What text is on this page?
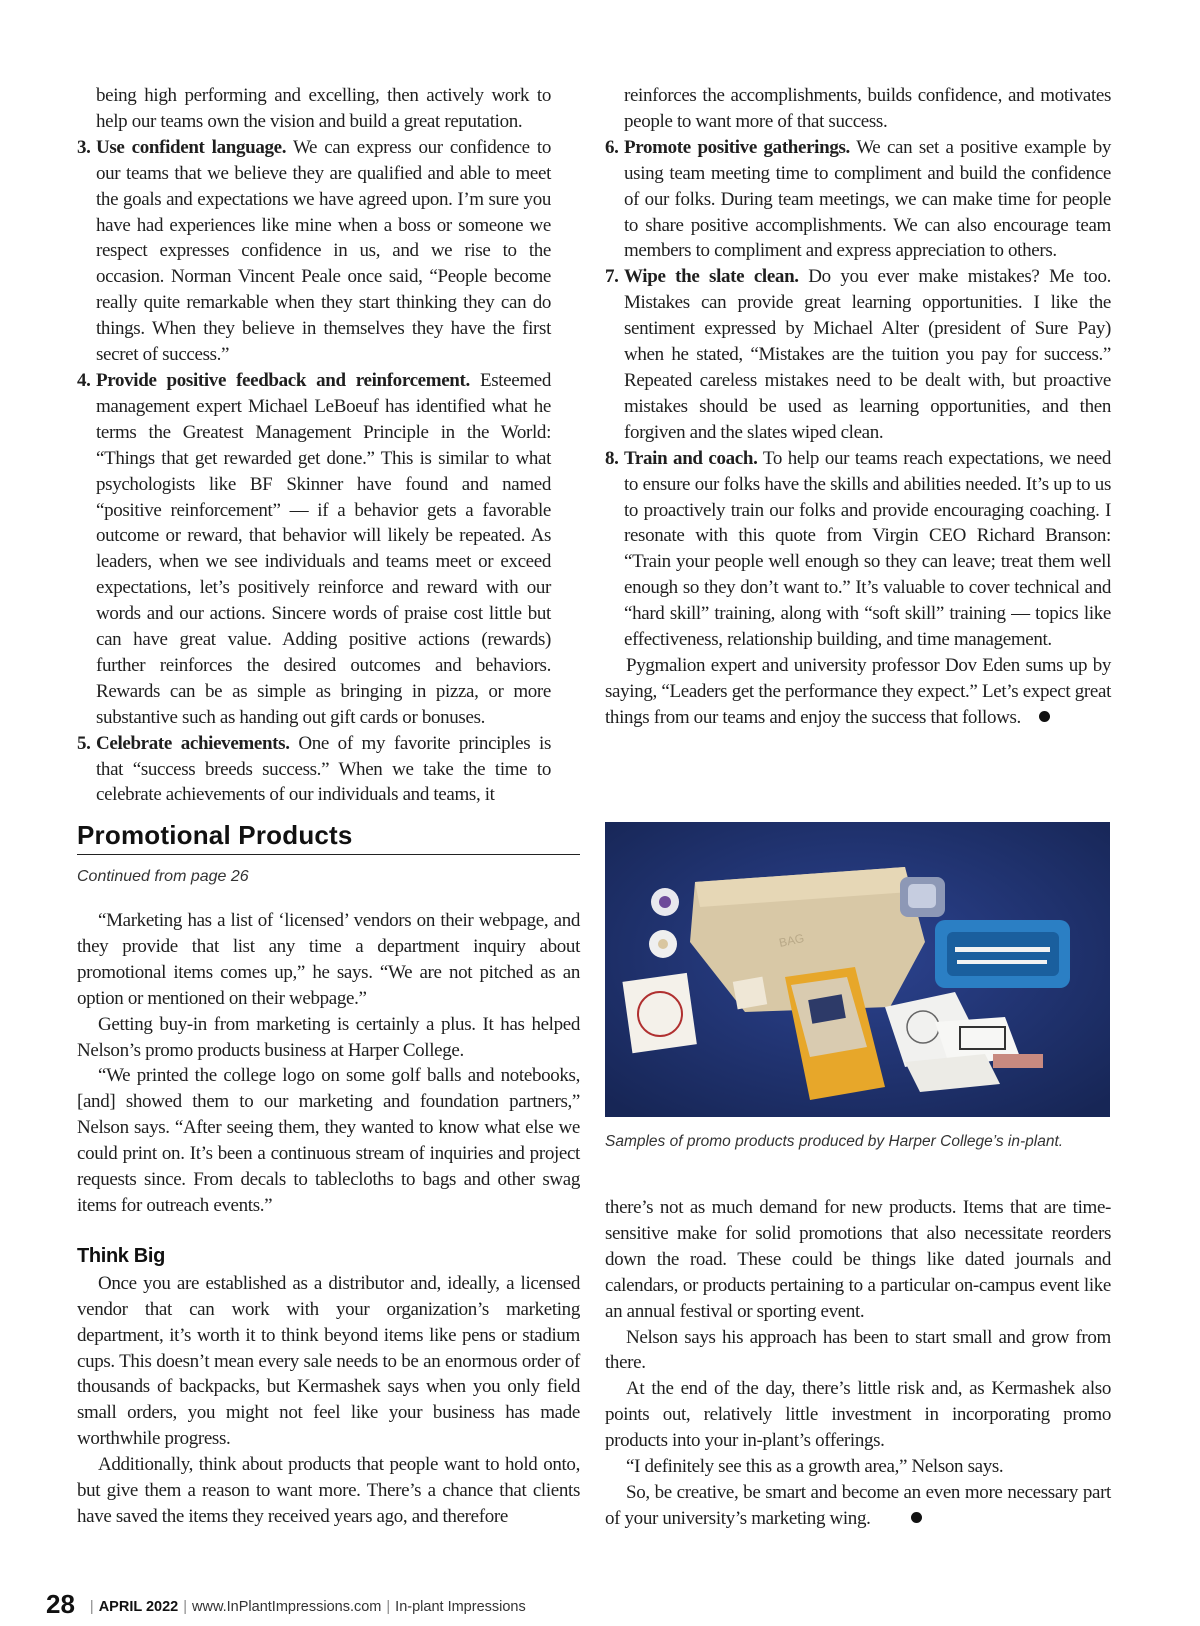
being high performing and excelling, then actively work to help our teams own the vision and build a great reputation.

3. Use confident language. We can express our confidence to our teams that we believe they are qualified and able to meet the goals and expectations we have agreed upon. I’m sure you have had experiences like mine when a boss or someone we respect expresses confidence in us, and we rise to the occasion. Norman Vincent Peale once said, “People become really quite remarkable when they start thinking they can do things. When they believe in themselves they have the first secret of success.”

4. Provide positive feedback and reinforcement. Esteemed management expert Michael LeBoeuf has identified what he terms the Greatest Management Principle in the World: “Things that get rewarded get done.” This is similar to what psychologists like BF Skinner have found and named “positive reinforcement” — if a behavior gets a favorable outcome or reward, that behavior will likely be repeated. As leaders, when we see individuals and teams meet or exceed expectations, let’s positively reinforce and reward with our words and our actions. Sincere words of praise cost little but can have great value. Adding positive actions (rewards) further reinforces the desired outcomes and behaviors. Rewards can be as simple as bringing in pizza, or more substantive such as handing out gift cards or bonuses.

5. Celebrate achievements. One of my favorite principles is that “success breeds success.” When we take the time to celebrate achievements of our individuals and teams, it

reinforces the accomplishments, builds confidence, and motivates people to want more of that success.

6. Promote positive gatherings. We can set a positive example by using team meeting time to compliment and build the confidence of our folks. During team meetings, we can make time for people to share positive accomplishments. We can also encourage team members to compliment and express appreciation to others.

7. Wipe the slate clean. Do you ever make mistakes? Me too. Mistakes can provide great learning opportunities. I like the sentiment expressed by Michael Alter (president of Sure Pay) when he stated, “Mistakes are the tuition you pay for success.” Repeated careless mistakes need to be dealt with, but proactive mistakes should be used as learning opportunities, and then forgiven and the slates wiped clean.

8. Train and coach. To help our teams reach expectations, we need to ensure our folks have the skills and abilities needed. It’s up to us to proactively train our folks and provide encouraging coaching. I resonate with this quote from Virgin CEO Richard Branson: “Train your people well enough so they can leave; treat them well enough so they don’t want to.” It’s valuable to cover technical and “hard skill” training, along with “soft skill” training — topics like effectiveness, relationship building, and time management.

Pygmalion expert and university professor Dov Eden sums up by saying, “Leaders get the performance they expect.” Let’s expect great things from our teams and enjoy the success that follows.

Promotional Products
Continued from page 26

“Marketing has a list of ‘licensed’ vendors on their webpage, and they provide that list any time a department inquiry about promotional items comes up,” he says. “We are not pitched as an option or mentioned on their webpage.”

Getting buy-in from marketing is certainly a plus. It has helped Nelson’s promo products business at Harper College.

“We printed the college logo on some golf balls and notebooks, [and] showed them to our marketing and foundation partners,” Nelson says. “After seeing them, they wanted to know what else we could print on. It’s been a continuous stream of inquiries and project requests since. From decals to tablecloths to bags and other swag items for outreach events.”

Think Big

Once you are established as a distributor and, ideally, a licensed vendor that can work with your organization’s marketing department, it’s worth it to think beyond items like pens or stadium cups. This doesn’t mean every sale needs to be an enormous order of thousands of backpacks, but Kermashek says when you only field small orders, you might not feel like your business has made worthwhile progress.

Additionally, think about products that people want to hold onto, but give them a reason to want more. There’s a chance that clients have saved the items they received years ago, and therefore

BAG
Samples of promo products produced by Harper College’s in-plant.

there’s not as much demand for new products. Items that are time-sensitive make for solid promotions that also necessitate reorders down the road. These could be things like dated journals and calendars, or products pertaining to a particular on-campus event like an annual festival or sporting event.

Nelson says his approach has been to start small and grow from there.

At the end of the day, there’s little risk and, as Kermashek also points out, relatively little investment in incorporating promo products into your in-plant’s offerings.

“I definitely see this as a growth area,” Nelson says.

So, be creative, be smart and become an even more necessary part of your university’s marketing wing.

28 | APRIL 2022 | www.InPlantImpressions.com | In-plant Impressions
